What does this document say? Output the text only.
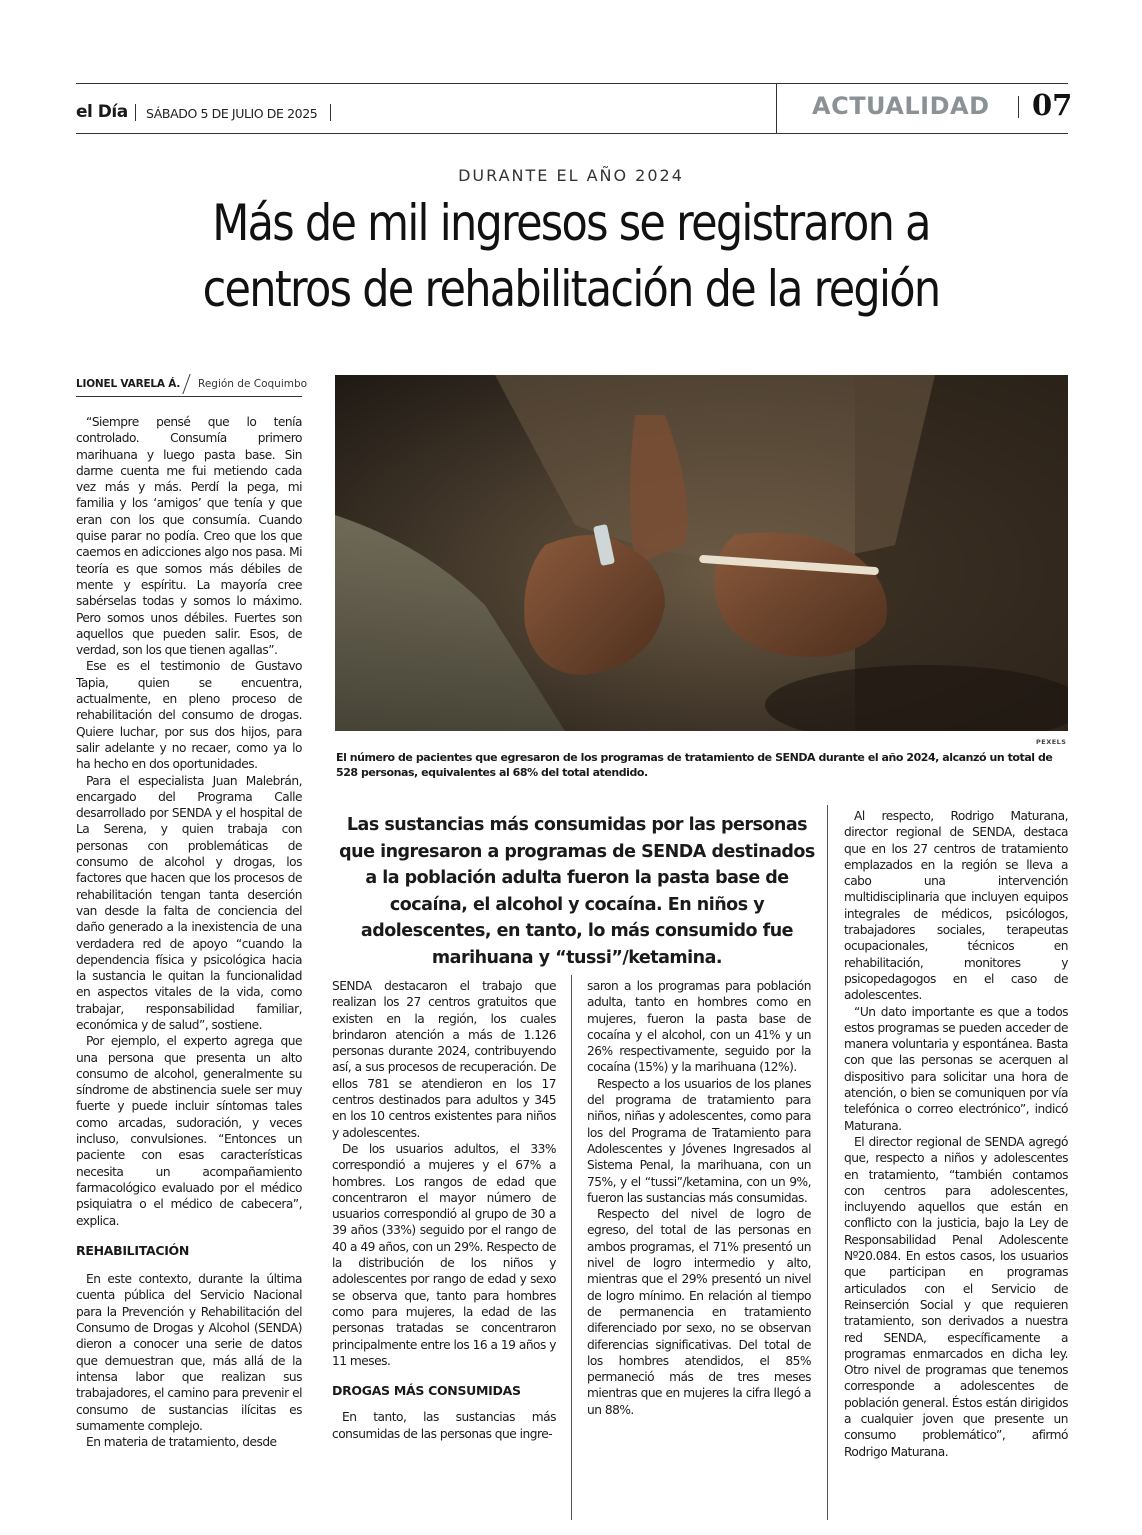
el Día SÁBADO 5 DE JULIO DE 2025	ACTUALIDAD 07
DURANTE EL AÑO 2024
Más de mil ingresos se registraron a
centros de rehabilitación de la región
LIONEL VARELA Á. Región de Coquimbo
PEXELS
El número de pacientes que egresaron de los programas de tratamiento de SENDA durante el año 2024, alcanzó un total de 528 personas, equivalentes al 68% del total atendido.

“Siempre pensé que lo tenía controlado. Consumía primero marihuana y luego pasta base. Sin darme cuenta me fui metiendo cada vez más y más. Perdí la pega, mi familia y los ‘amigos’ que tenía y que eran con los que consumía. Cuando quise parar no podía. Creo que los que caemos en adicciones algo nos pasa. Mi teoría es que somos más débiles de mente y espíritu. La mayoría cree sabérselas todas y somos lo máximo. Pero somos unos débiles. Fuertes son aquellos que pueden salir. Esos, de verdad, son los que tienen agallas”.

Ese es el testimonio de Gustavo Tapia, quien se encuentra, actualmente, en pleno proceso de rehabilitación del consumo de drogas. Quiere luchar, por sus dos hijos, para salir adelante y no recaer, como ya lo ha hecho en dos oportunidades.

Para el especialista Juan Malebrán, encargado del Programa Calle desarrollado por SENDA y el hospital de La Serena, y quien trabaja con personas con problemáticas de consumo de alcohol y drogas, los factores que hacen que los procesos de rehabilitación tengan tanta deserción van desde la falta de conciencia del daño generado a la inexistencia de una verdadera red de apoyo “cuando la dependencia física y psicológica hacia la sustancia le quitan la funcionalidad en aspectos vitales de la vida, como trabajar, responsabilidad familiar, económica y de salud”, sostiene.

Por ejemplo, el experto agrega que una persona que presenta un alto consumo de alcohol, generalmente su síndrome de abstinencia suele ser muy fuerte y puede incluir síntomas tales como arcadas, sudoración, y veces incluso, convulsiones. “Entonces un paciente con esas características necesita un acompañamiento farmacológico evaluado por el médico psiquiatra o el médico de cabecera”, explica.

REHABILITACIÓN

En este contexto, durante la última cuenta pública del Servicio Nacional para la Prevención y Rehabilitación del Consumo de Drogas y Alcohol (SENDA) dieron a conocer una serie de datos que demuestran que, más allá de la intensa labor que realizan sus trabajadores, el camino para prevenir el consumo de sustancias ilícitas es sumamente complejo.

En materia de tratamiento, desde

Las sustancias más consumidas por las personas que ingresaron a programas de SENDA destinados a la población adulta fueron la pasta base de cocaína, el alcohol y cocaína. En niños y adolescentes, en tanto, lo más consumido fue marihuana y “tussi”/ketamina.

SENDA destacaron el trabajo que realizan los 27 centros gratuitos que existen en la región, los cuales brindaron atención a más de 1.126 personas durante 2024, contribuyendo así, a sus procesos de recuperación. De ellos 781 se atendieron en los 17 centros destinados para adultos y 345 en los 10 centros existentes para niños y adolescentes.

De los usuarios adultos, el 33% correspondió a mujeres y el 67% a hombres. Los rangos de edad que concentraron el mayor número de usuarios correspondió al grupo de 30 a 39 años (33%) seguido por el rango de 40 a 49 años, con un 29%. Respecto de la distribución de los niños y adolescentes por rango de edad y sexo se observa que, tanto para hombres como para mujeres, la edad de las personas tratadas se concentraron principalmente entre los 16 a 19 años y 11 meses.

DROGAS MÁS CONSUMIDAS

En tanto, las sustancias más consumidas de las personas que ingre-

saron a los programas para población adulta, tanto en hombres como en mujeres, fueron la pasta base de cocaína y el alcohol, con un 41% y un 26% respectivamente, seguido por la cocaína (15%) y la marihuana (12%).

Respecto a los usuarios de los planes del programa de tratamiento para niños, niñas y adolescentes, como para los del Programa de Tratamiento para Adolescentes y Jóvenes Ingresados al Sistema Penal, la marihuana, con un 75%, y el “tussi”/ketamina, con un 9%, fueron las sustancias más consumidas.

Respecto del nivel de logro de egreso, del total de las personas en ambos programas, el 71% presentó un nivel de logro intermedio y alto, mientras que el 29% presentó un nivel de logro mínimo. En relación al tiempo de permanencia en tratamiento diferenciado por sexo, no se observan diferencias significativas. Del total de los hombres atendidos, el 85% permaneció más de tres meses mientras que en mujeres la cifra llegó a un 88%.

Al respecto, Rodrigo Maturana, director regional de SENDA, destaca que en los 27 centros de tratamiento emplazados en la región se lleva a cabo una intervención multidisciplinaria que incluyen equipos integrales de médicos, psicólogos, trabajadores sociales, terapeutas ocupacionales, técnicos en rehabilitación, monitores y psicopedagogos en el caso de adolescentes.

“Un dato importante es que a todos estos programas se pueden acceder de manera voluntaria y espontánea. Basta con que las personas se acerquen al dispositivo para solicitar una hora de atención, o bien se comuniquen por vía telefónica o correo electrónico”, indicó Maturana.

El director regional de SENDA agregó que, respecto a niños y adolescentes en tratamiento, “también contamos con centros para adolescentes, incluyendo aquellos que están en conflicto con la justicia, bajo la Ley de Responsabilidad Penal Adolescente Nº20.084. En estos casos, los usuarios que participan en programas articulados con el Servicio de Reinserción Social y que requieren tratamiento, son derivados a nuestra red SENDA, específicamente a programas enmarcados en dicha ley. Otro nivel de programas que tenemos corresponde a adolescentes de población general. Éstos están dirigidos a cualquier joven que presente un consumo problemático”, afirmó Rodrigo Maturana.
